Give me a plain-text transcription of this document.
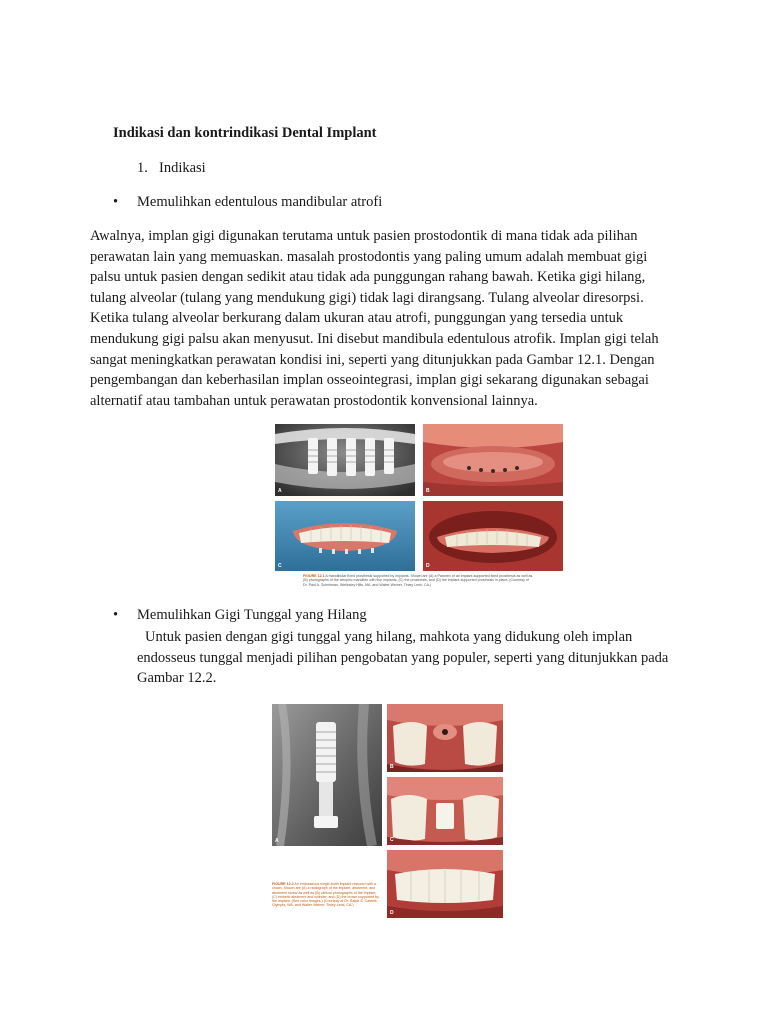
Indikasi dan kontrindikasi Dental Implant
1. Indikasi
• Memulihkan edentulous mandibular atrofi
Awalnya, implan gigi digunakan terutama untuk pasien prostodontik di mana tidak ada pilihan perawatan lain yang memuaskan. masalah prostodontis yang paling umum adalah membuat gigi palsu untuk pasien dengan sedikit atau tidak ada punggungan rahang bawah. Ketika gigi hilang, tulang alveolar (tulang yang mendukung gigi) tidak lagi dirangsang. Tulang alveolar diresorpsi. Ketika tulang alveolar berkurang dalam ukuran atau atrofi, punggungan yang tersedia untuk mendukung gigi palsu akan menyusut. Ini disebut mandibula edentulous atrofik. Implan gigi telah sangat meningkatkan perawatan kondisi ini, seperti yang ditunjukkan pada Gambar 12.1. Dengan pengembangan dan keberhasilan implan osseointegrasi, implan gigi sekarang digunakan sebagai alternatif atau tambahan untuk perawatan prostodontik konvensional lainnya.
A	B
C	D
FIGURE 12.1 A mandibular fixed prosthesis supported by implants. Shown are (A) a Panorex of an implant-supported fixed prosthesis as well as (B) photographs of the atrophic mandible with five implants, (C) the prosthesis, and (D) the implant-supported prosthesis in place. (Courtesy of Dr. Paul A. Schnitman, Wellesley Hills, MA, and Walter Weiner, Tinley Lenk, CA.)
• Memulihkan Gigi Tunggal yang Hilang
Untuk pasien dengan gigi tunggal yang hilang, mahkota yang didukung oleh implan
endosseus tunggal menjadi pilihan pengobatan yang populer, seperti yang ditunjukkan pada Gambar 12.2.
A
B
C
D
FIGURE 12.2 An endosseous single-tooth implant restored with a crown. Shown are (A) a radiograph of the implant, abutment, and abutment screw as well as (B) clinical photographs of the implant, (C) esthetic abutment and cylinder, and (D) the crown supported by the implant. (See color images.) (Courtesy of Dr. Ralph S. Castelli, Olympia, WA, and Walter Weiner, Tinley Lenk, CA.)
